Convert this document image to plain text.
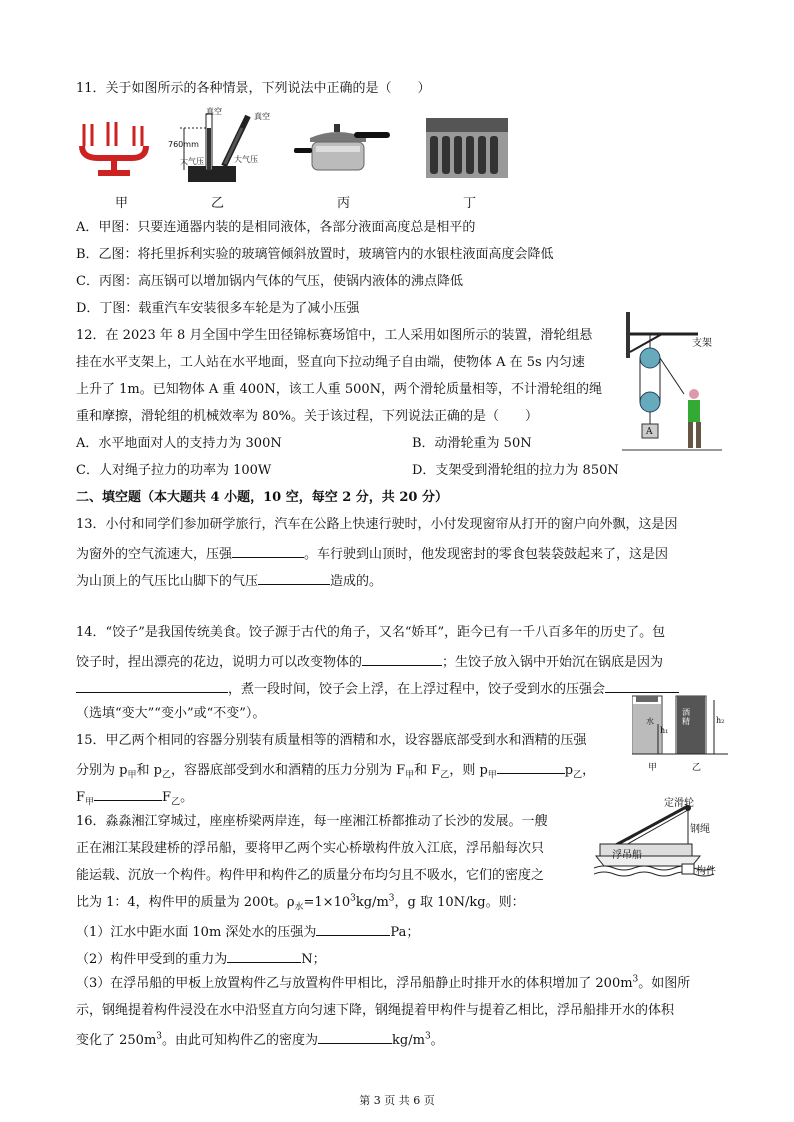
11．关于如图所示的各种情景，下列说法中正确的是（　　）
真空
真空
760mm
大气压	大气压
甲	乙	丙	丁
A．甲图：只要连通器内装的是相同液体，各部分液面高度总是相平的
B．乙图：将托里拆利实验的玻璃管倾斜放置时，玻璃管内的水银柱液面高度会降低
C．丙图：高压锅可以增加锅内气体的气压，使锅内液体的沸点降低
D．丁图：载重汽车安装很多车轮是为了减小压强
12．在 2023 年 8 月全国中学生田径锦标赛场馆中，工人采用如图所示的装置，滑轮组悬
挂在水平支架上，工人站在水平地面，竖直向下拉动绳子自由端，使物体 A 在 5s 内匀速
上升了 1m。已知物体 A 重 400N，该工人重 500N，两个滑轮质量相等，不计滑轮组的绳
重和摩擦，滑轮组的机械效率为 80%。关于该过程，下列说法正确的是（　　）
A．水平地面对人的支持力为 300N	B．动滑轮重为 50N
C．人对绳子拉力的功率为 100W	D．支架受到滑轮组的拉力为 850N
支架
A
二、填空题（本大题共 4 小题，10 空，每空 2 分，共 20 分）
13．小付和同学们参加研学旅行，汽车在公路上快速行驶时，小付发现窗帘从打开的窗户向外飘，这是因
为窗外的空气流速大，压强	。车行驶到山顶时，他发现密封的零食包装袋鼓起来了，这是因
为山顶上的气压比山脚下的气压	造成的。
14．“饺子”是我国传统美食。饺子源于古代的角子，又名“娇耳”，距今已有一千八百多年的历史了。包
饺子时，捏出漂亮的花边，说明力可以改变物体的	；生饺子放入锅中开始沉在锅底是因为
，煮一段时间，饺子会上浮，在上浮过程中，饺子受到水的压强会
（选填“变大”“变小”或“不变”）。
15．甲乙两个相同的容器分别装有质量相等的酒精和水，设容器底部受到水和酒精的压强
分别为 $p_甲$和 $p_乙$，容器底部受到水和酒精的压力分别为 $F_甲$和 $F_乙$，则 $p_甲$	$p_乙$，
$F_甲$	$F_乙$。
水
酒精
h₁
h₂
甲	乙
16．淼淼湘江穿城过，座座桥梁两岸连，每一座湘江桥都推动了长沙的发展。一艘
正在湘江某段建桥的浮吊船，要将甲乙两个实心桥墩构件放入江底，浮吊船每次只
能运载、沉放一个构件。构件甲和构件乙的质量分布均匀且不吸水，它们的密度之
比为 1：4，构件甲的质量为 200t。$\rho_水=1\times 10^3kg/m^3$，g 取 10N/kg。则：
（1）江水中距水面 10m 深处水的压强为	Pa；
（2）构件甲受到的重力为	N；
（3）在浮吊船的甲板上放置构件乙与放置构件甲相比，浮吊船静止时排开水的体积增加了 $200m^3$。如图所
示，钢绳提着构件浸没在水中沿竖直方向匀速下降，钢绳提着甲构件与提着乙相比，浮吊船排开水的体积
变化了 $250m^3$。由此可知构件乙的密度为	$kg/m^3$。
定滑轮
钢绳
浮吊船
构件
第 3 页 共 6 页
